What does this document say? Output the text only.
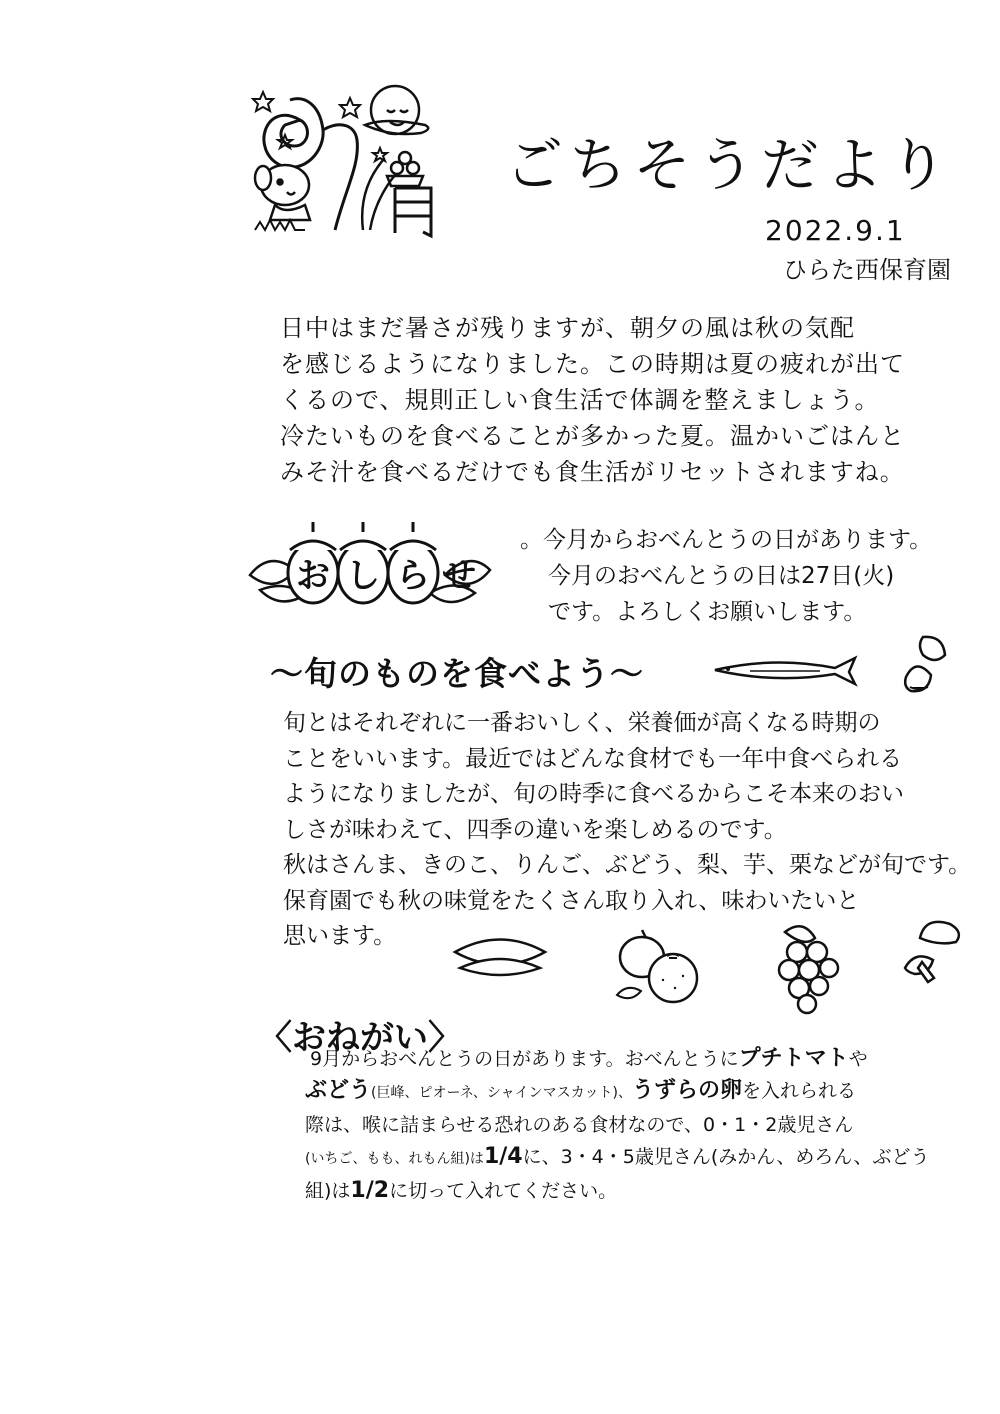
ごちそうだより
2022.9.1
ひらた西保育園
日中はまだ暑さが残りますが、朝夕の風は秋の気配
を感じるようになりました。この時期は夏の疲れが出て
くるので、規則正しい食生活で体調を整えましょう。
冷たいものを食べることが多かった夏。温かいごはんと
みそ汁を食べるだけでも食生活がリセットされますね。
お し ら せ
。今月からおべんとうの日があります。
今月のおべんとうの日は27日(火)
です。よろしくお願いします。
〜旬のものを食べよう〜
旬とはそれぞれに一番おいしく、栄養価が高くなる時期の
ことをいいます。最近ではどんな食材でも一年中食べられる
ようになりましたが、旬の時季に食べるからこそ本来のおい
しさが味わえて、四季の違いを楽しめるのです。
秋はさんま、きのこ、りんご、ぶどう、梨、芋、栗などが旬です。
保育園でも秋の味覚をたくさん取り入れ、味わいたいと
思います。
〈おねがい〉
9月からおべんとうの日があります。おべんとうにプチトマトや
ぶどう(巨峰、ピオーネ、シャインマスカット)、うずらの卵を入れられる
際は、喉に詰まらせる恐れのある食材なので、0・1・2歳児さん
(いちご、もも、れもん組)は1/4に、3・4・5歳児さん(みかん、めろん、ぶどう
組)は1/2に切って入れてください。
